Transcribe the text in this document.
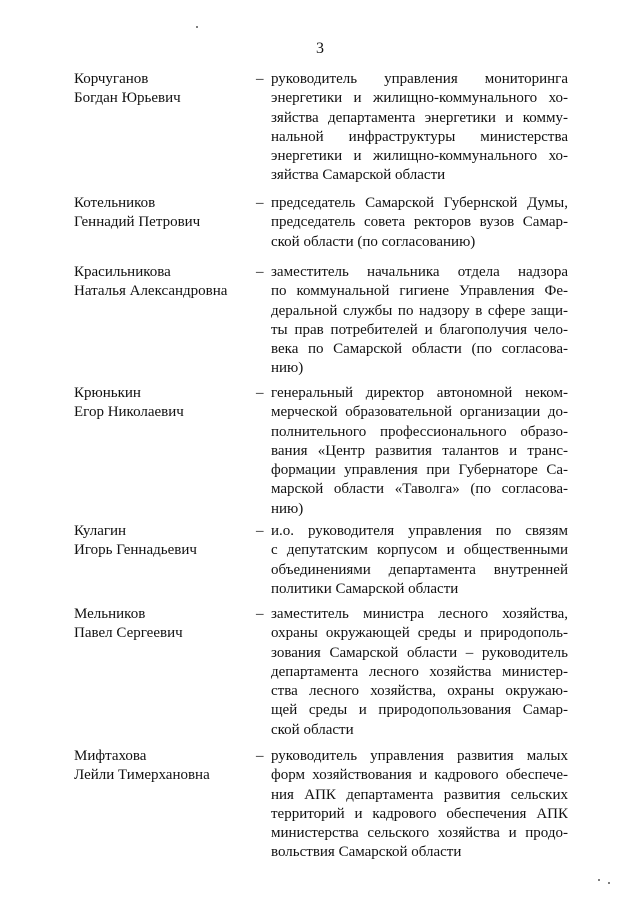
3
Корчуганов
Богдан Юрьевич
– руководитель управления мониторинга
энергетики и жилищно-коммунального хо-
зяйства департамента энергетики и комму-
нальной инфраструктуры министерства
энергетики и жилищно-коммунального хо-
зяйства Самарской области
Котельников
Геннадий Петрович
– председатель Самарской Губернской Думы,
председатель совета ректоров вузов Самар-
ской области (по согласованию)
Красильникова
Наталья Александровна
– заместитель начальника отдела надзора
по коммунальной гигиене Управления Фе-
деральной службы по надзору в сфере защи-
ты прав потребителей и благополучия чело-
века по Самарской области (по согласова-
нию)
Крюнькин
Егор Николаевич
– генеральный директор автономной неком-
мерческой образовательной организации до-
полнительного профессионального образо-
вания «Центр развития талантов и транс-
формации управления при Губернаторе Са-
марской области «Таволга» (по согласова-
нию)
Кулагин
Игорь Геннадьевич
– и.о. руководителя управления по связям
с депутатским корпусом и общественными
объединениями департамента внутренней
политики Самарской области
Мельников
Павел Сергеевич
– заместитель министра лесного хозяйства,
охраны окружающей среды и природополь-
зования Самарской области – руководитель
департамента лесного хозяйства министер-
ства лесного хозяйства, охраны окружаю-
щей среды и природопользования Самар-
ской области
Мифтахова
Лейли Тимерхановна
– руководитель управления развития малых
форм хозяйствования и кадрового обеспече-
ния АПК департамента развития сельских
территорий и кадрового обеспечения АПК
министерства сельского хозяйства и продо-
вольствия Самарской области
